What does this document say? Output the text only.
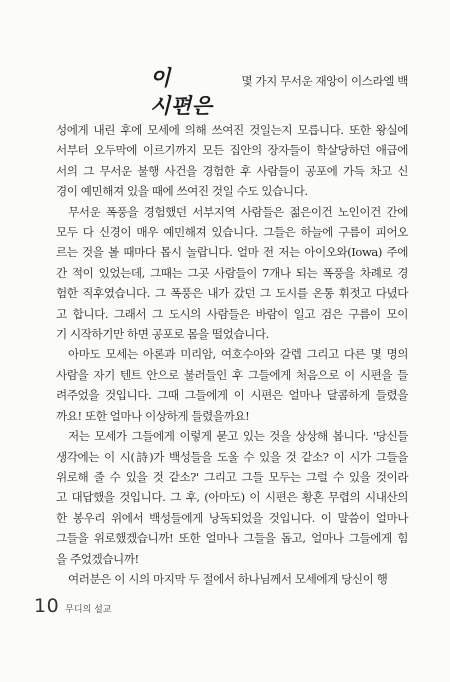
이 시편은
몇 가지 무서운 재앙이 이스라엘 백
성에게 내린 후에 모세에 의해 쓰여진 것일는지 모릅니다. 또한 왕실에
서부터 오두막에 이르기까지 모든 집안의 장자들이 학살당하던 애급에
서의 그 무서운 불행 사건을 경험한 후 사람들이 공포에 가득 차고 신
경이 예민해져 있을 때에 쓰여진 것일 수도 있습니다.
무서운 폭풍을 경험했던 서부지역 사람들은 젊은이건 노인이건 간에
모두 다 신경이 매우 예민해져 있습니다. 그들은 하늘에 구름이 피어오
르는 것을 볼 때마다 몹시 놀랍니다. 얼마 전 저는 아이오와(Iowa) 주에
간 적이 있었는데, 그때는 그곳 사람들이 7개나 되는 폭풍을 차례로 경
험한 직후였습니다. 그 폭풍은 내가 갔던 그 도시를 온통 휘젓고 다녔다
고 합니다. 그래서 그 도시의 사람들은 바람이 일고 검은 구름이 모이
기 시작하기만 하면 공포로 몸을 떨었습니다.
아마도 모세는 아론과 미리암, 여호수아와 갈렙 그리고 다른 몇 명의
사람을 자기 텐트 안으로 불러들인 후 그들에게 처음으로 이 시편을 들
려주었을 것입니다. 그때 그들에게 이 시편은 얼마나 달콤하게 들렸을
까요! 또한 얼마나 이상하게 들렸을까요!
저는 모세가 그들에게 이렇게 묻고 있는 것을 상상해 봅니다. '당신들
생각에는 이 시(詩)가 백성들을 도울 수 있을 것 같소? 이 시가 그들을
위로해 줄 수 있을 것 같소?' 그리고 그들 모두는 그럴 수 있을 것이라
고 대답했을 것입니다. 그 후, (아마도) 이 시편은 황혼 무렵의 시내산의
한 봉우리 위에서 백성들에게 낭독되었을 것입니다. 이 말씀이 얼마나
그들을 위로했겠습니까! 또한 얼마나 그들을 돕고, 얼마나 그들에게 힘
을 주었겠습니까!
여러분은 이 시의 마지막 두 절에서 하나님께서 모세에게 당신이 행
10 무디의 설교
